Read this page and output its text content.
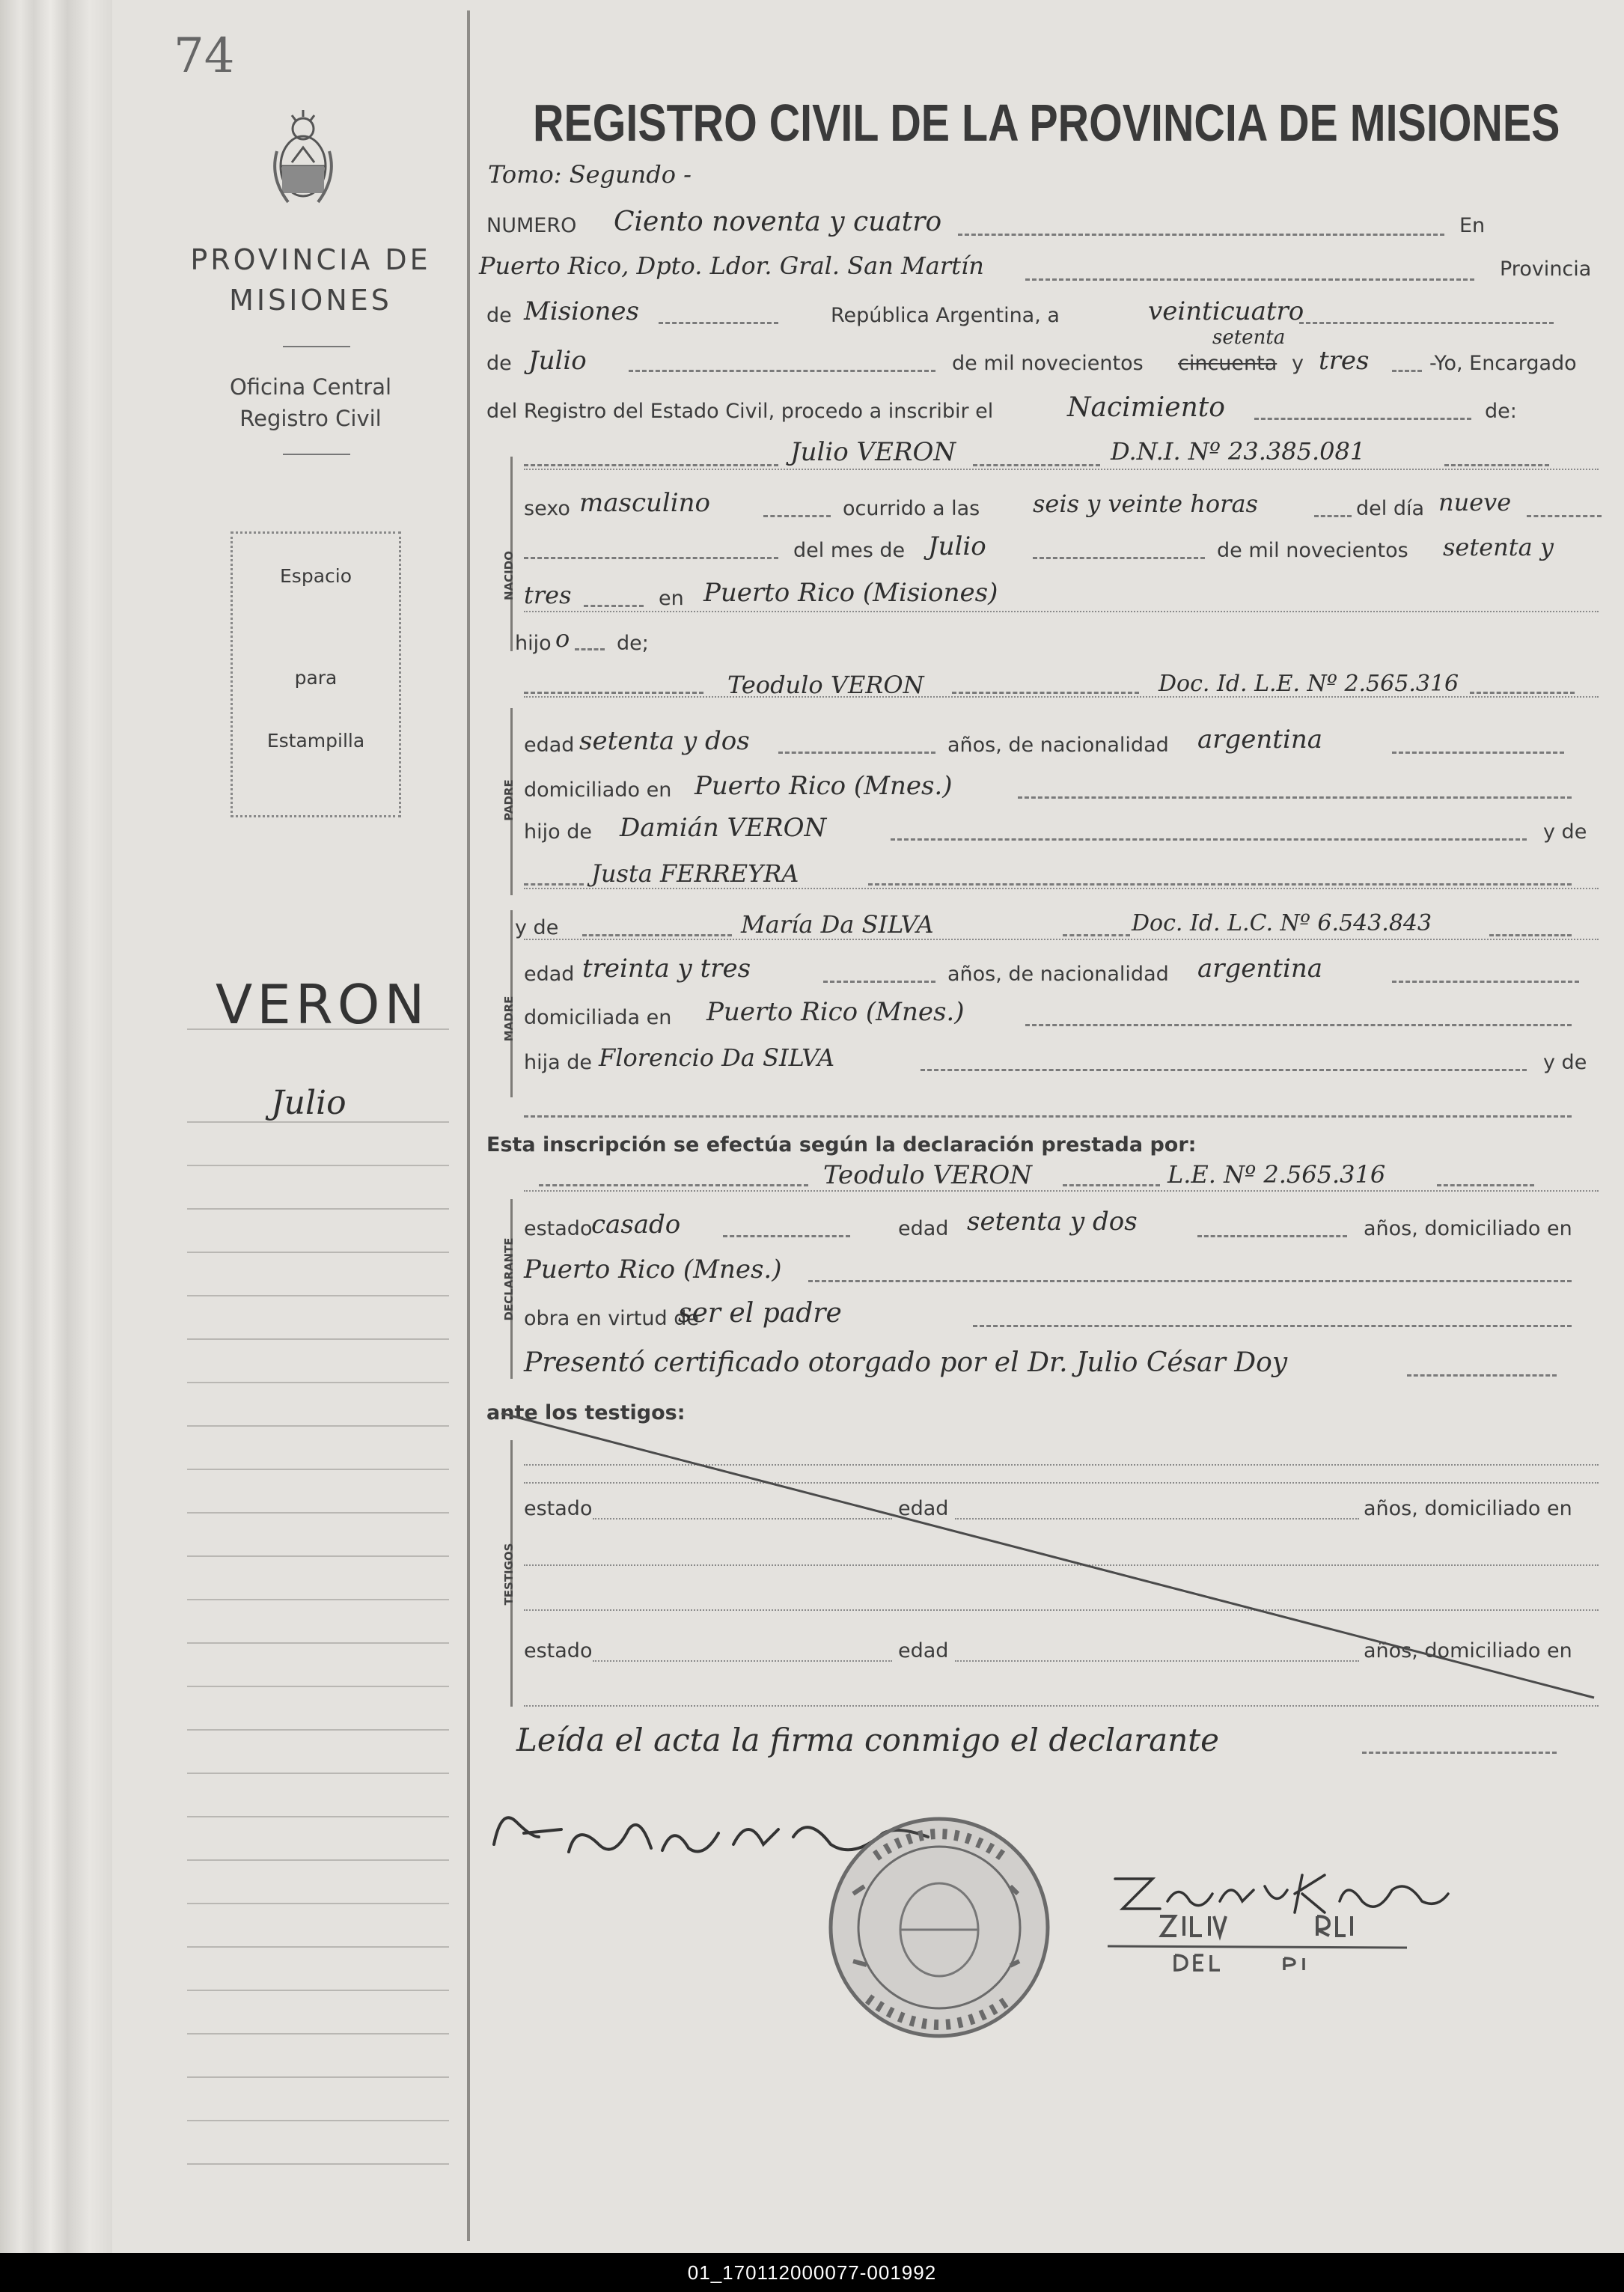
74
PROVINCIA DE
MISIONES
Oficina Central
Registro Civil
Espacio
para
Estampilla
VERON
Julio
REGISTRO CIVIL DE LA PROVINCIA DE MISIONES
Tomo: Segundo -
NUMERO Ciento noventa y cuatro	En
Puerto Rico, Dpto. Ldor. Gral. San Martín	Provincia
de Misiones	República Argentina, a	veinticuatro
de Julio	de mil novecientos cincuenta
setenta
y tres	-Yo, Encargado
del Registro del Estado Civil, procedo a inscribir el	Nacimiento	de:
NACIDO
Julio VERON	D.N.I. Nº 23.385.081
sexo masculino	ocurrido a las seis y veinte horas	del día nueve
del mes de Julio	de mil novecientos setenta y
tres	en Puerto Rico (Misiones)
hijo o de;
PADRE
Teodulo VERON	Doc. Id. L.E. Nº 2.565.316
edad setenta y dos	años, de nacionalidad argentina
domiciliado en Puerto Rico (Mnes.)
hijo de Damián VERON	y de
Justa FERREYRA
MADRE
y de	María Da SILVA	Doc. Id. L.C. Nº 6.543.843
edad treinta y tres	años, de nacionalidad argentina
domiciliada en Puerto Rico (Mnes.)
hija de Florencio Da SILVA	y de
Esta inscripción se efectúa según la declaración prestada por:
DECLARANTE
Teodulo VERON	L.E. Nº 2.565.316
estado
casado	edad setenta y dos	años, domiciliado en
Puerto Rico (Mnes.)
obra en virtud de
ser el padre
Presentó certificado otorgado por el Dr. Julio César Doy
ante los testigos:
TESTIGOS
estado	edad	años, domiciliado en
estado	edad	años, domiciliado en
Leída el acta la firma conmigo el declarante
01_170112000077-001992
